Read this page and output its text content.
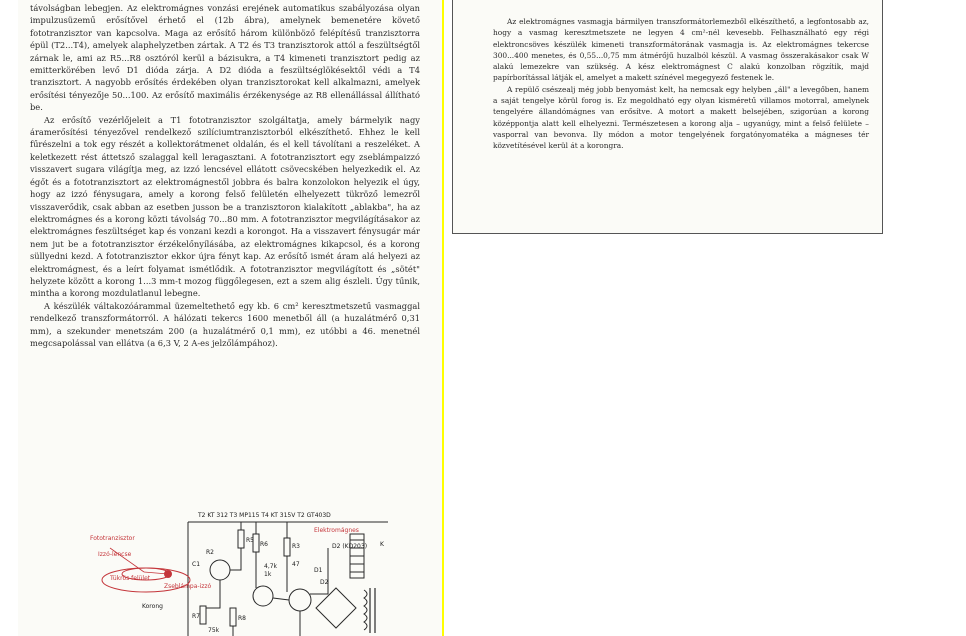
távolságban lebegjen. Az elektromágnes vonzási erejének automatikus szabályozása olyan impulzusüzemű erősítővel érhető el (12b ábra), amelynek bemenetére követő fototranzisztor van kapcsolva. Maga az erősítő három különböző felépítésű tranzisztorra épül (T2...T4), amelyek alaphelyzetben zártak. A T2 és T3 tranzisztorok attól a feszültségtől zárnak le, ami az R5...R8 osztóról kerül a bázisukra, a T4 kimeneti tranzisztort pedig az emitterkörében levő D1 dióda zárja. A D2 dióda a feszültséglökésektől védi a T4 tranzisztort. A nagyobb erősítés érdekében olyan tranzisztorokat kell alkalmazni, amelyek erősítési tényezője 50...100. Az erősítő maximális érzékenysége az R8 ellenállással állítható be.

Az erősítő vezérlőjeleit a T1 fototranzisztor szolgáltatja, amely bármelyik nagy áramerősítési tényezővel rendelkező szilíciumtranzisztorból elkészíthető. Ehhez le kell fűrészelni a tok egy részét a kollektorátmenet oldalán, és el kell távolítani a reszeléket. A keletkezett rést áttetsző szalaggal kell leragasztani. A fototranzisztort egy zseblámpaizzó visszavert sugara világítja meg, az izzó lencsével ellátott csövecskében helyezkedik el. Az égőt és a fototranzisztort az elektromágnestől jobbra és balra konzolokon helyezik el úgy, hogy az izzó fénysugara, amely a korong felső felületén elhelyezett tükröző lemezről visszaverődik, csak abban az esetben jusson be a tranzisztoron kialakított „ablakba", ha az elektromágnes és a korong közti távolság 70...80 mm. A fototranzisztor megvilágításakor az elektromágnes feszültséget kap és vonzani kezdi a korongot. Ha a visszavert fénysugár már nem jut be a fototranzisztor érzékelőnyílásába, az elektromágnes kikapcsol, és a korong süllyedni kezd. A fototranzisztor ekkor újra fényt kap. Az erősítő ismét áram alá helyezi az elektromágnest, és a leírt folyamat ismétlődik. A fototranzisztor megvilágított és „sötét" helyzete között a korong 1...3 mm-t mozog függőlegesen, ezt a szem alig észleli. Úgy tűnik, mintha a korong mozdulatlanul lebegne.

A készülék váltakozóárammal üzemeltethető egy kb. 6 cm² keresztmetszetű vasmaggal rendelkező transzformátorról. A hálózati tekercs 1600 menetből áll (a huzalátmérő 0,31 mm), a szekunder menetszám 200 (a huzalátmérő 0,1 mm), ez utóbbi a 46. menetnél megcsapolással van ellátva (a 6,3 V, 2 A-es jelzőlámpához).

T2 KT 312 T3 MP115 T4 KT 315V T2 GT403D
R5
R6	R3
R2
R7	R8
D1
D2
D2 (KD203) K
C1	4,7k
1k
47
75k
Elektromágnes
Fototranzisztor
Izzó-lencse
Tükrös felület
Zseblámpa-izzó
Korong

Az elektromágnes vasmagja bármilyen transzformátorlemezből elkészíthető, a legfontosabb az, hogy a vasmag keresztmetszete ne legyen 4 cm²-nél kevesebb. Felhasználható egy régi elektroncsöves készülék kimeneti transzformátorának vasmagja is. Az elektromágnes tekercse 300...400 menetes, és 0,55...0,75 mm átmérőjű huzalból készül. A vasmag összerakásakor csak W alakú lemezekre van szükség. A kész elektromágnest C alakú konzolban rögzítik, majd papírborítással látják el, amelyet a makett színével megegyező festenek le.

A repülő csészealj még jobb benyomást kelt, ha nemcsak egy helyben „áll" a levegőben, hanem a saját tengelye körül forog is. Ez megoldható egy olyan kisméretű villamos motorral, amelynek tengelyére állandómágnes van erősítve. A motort a makett belsejében, szigorúan a korong középpontja alatt kell elhelyezni. Természetesen a korong alja – ugyanúgy, mint a felső felülete – vasporral van bevonva. Ily módon a motor tengelyének forgatónyomatéka a mágneses tér közvetítésével kerül át a korongra.
